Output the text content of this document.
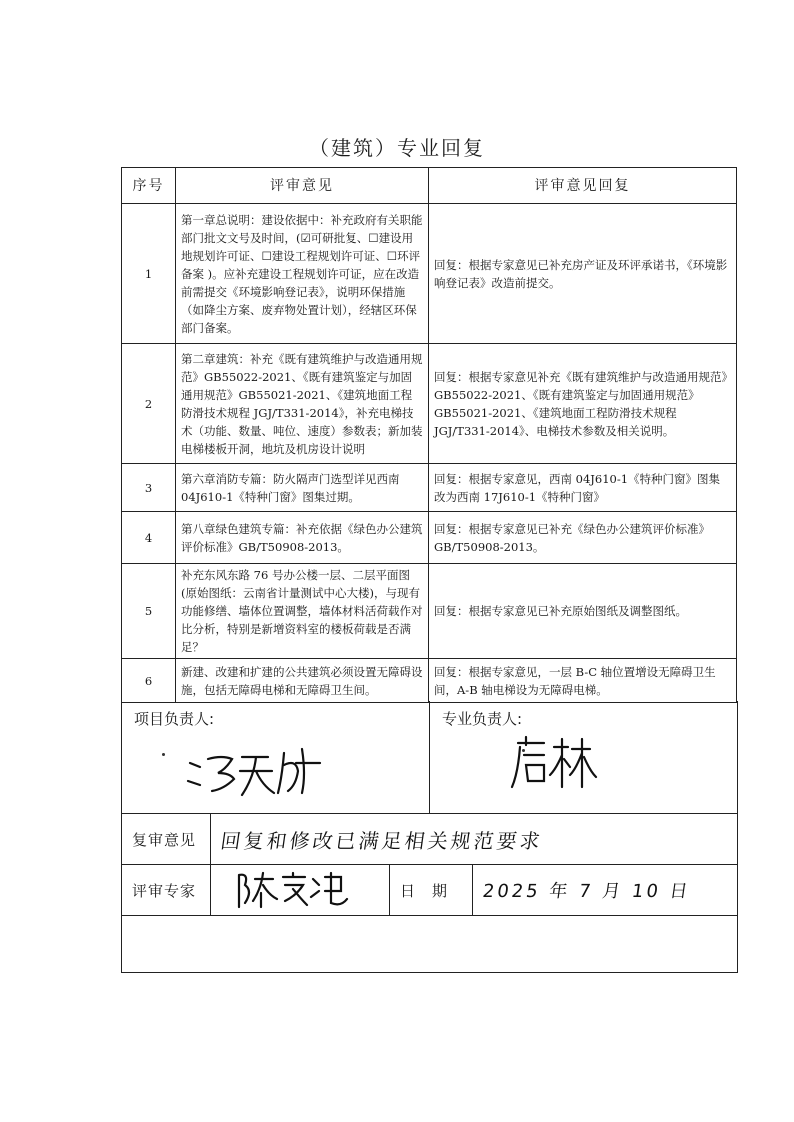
（建筑）专业回复
序号	评审意见	评审意见回复
1	第一章总说明：建设依据中：补充政府有关职能部门批文文号及时间，(☑可研批复、☐建设用地规划许可证、☐建设工程规划许可证、☐环评备案 )。应补充建设工程规划许可证，应在改造前需提交《环境影响登记表》，说明环保措施（如降尘方案、废弃物处置计划），经辖区环保部门备案。	回复：根据专家意见已补充房产证及环评承诺书，《环境影响登记表》改造前提交。
2	第二章建筑：补充《既有建筑维护与改造通用规范》GB55022-2021、《既有建筑鉴定与加固通用规范》GB55021-2021、《建筑地面工程防滑技术规程 JGJ/T331-2014》，补充电梯技术（功能、数量、吨位、速度）参数表；新加装电梯楼板开洞，地坑及机房设计说明	回复：根据专家意见补充《既有建筑维护与改造通用规范》GB55022-2021、《既有建筑鉴定与加固通用规范》GB55021-2021、《建筑地面工程防滑技术规程 JGJ/T331-2014》、电梯技术参数及相关说明。
3	第六章消防专篇：防火隔声门选型详见西南 04J610-1《特种门窗》图集过期。	回复：根据专家意见，西南 04J610-1《特种门窗》图集改为西南 17J610-1《特种门窗》
4	第八章绿色建筑专篇：补充依据《绿色办公建筑评价标准》GB/T50908-2013。	回复：根据专家意见已补充《绿色办公建筑评价标准》GB/T50908-2013。
5	补充东风东路 76 号办公楼一层、二层平面图(原始图纸：云南省计量测试中心大楼)，与现有功能修缮、墙体位置调整，墙体材料活荷载作对比分析，特别是新增资料室的楼板荷载是否满足？	回复：根据专家意见已补充原始图纸及调整图纸。
6	新建、改建和扩建的公共建筑必须设置无障碍设施，包括无障碍电梯和无障碍卫生间。	回复：根据专家意见，一层 B-C 轴位置增设无障碍卫生间，A-B 轴电梯设为无障碍电梯。
项目负责人:	专业负责人:
复审意见	回复和修改已满足相关规范要求
评审专家	日　期	2025 年 7 月 10 日
